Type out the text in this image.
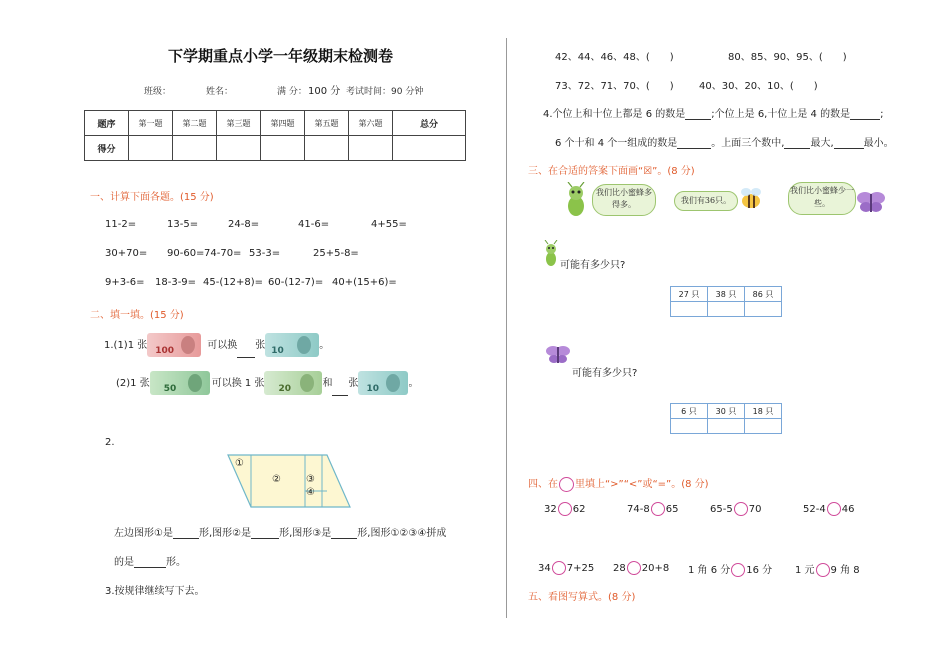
下学期重点小学一年级期末检测卷
班级：	姓名：	满 分： 100 分 考试时间：90 分钟
题序	第一题	第二题	第三题	第四题	第五题	第六题	总分
得分							
一、计算下面各题。(15 分)
11-2=	13-5=	24-8=	41-6=	4+55=
30+70= 90-60= 74-70= 53-3=	25+5-8=
9+3-6= 18-3-9= 45-(12+8)= 60-(12-7)= 40+(15+6)=
二、填一填。(15 分)
1.(1)1 张 100	可以换 张 10	。
(2)1 张 50	可以换 1 张 20	和 张 10	。
2.
①
②	③
④
左边图形①是	形,图形②是	形,图形③是	形,图形①②③④拼成
的是	形。
3.按规律继续写下去。
42、44、46、48、(　　)	80、85、90、95、(　　)
73、72、71、70、(　　)	40、30、20、10、(　　)
4.个位上和十位上都是 6 的数是	;个位上是 6,十位上是 4 的数是	;
6 个十和 4 个一组成的数是	。上面三个数中,	最大,	最小。
三、在合适的答案下面画“☒”。(8 分)
我们比小蜜蜂多得多。	我们有36只。
我们比小蜜蜂少一些。
可能有多少只?
27 只	38 只	86 只

可能有多少只?
6 只	30 只	18 只

四、在 里填上“>”“<”或“=”。(8 分)
32 62	74-8 65	65-5 70	52-4 46
34 7+25 28 20+8 1 角 6 分 16 分 1 元 9 角 8
五、看图写算式。(8 分)
